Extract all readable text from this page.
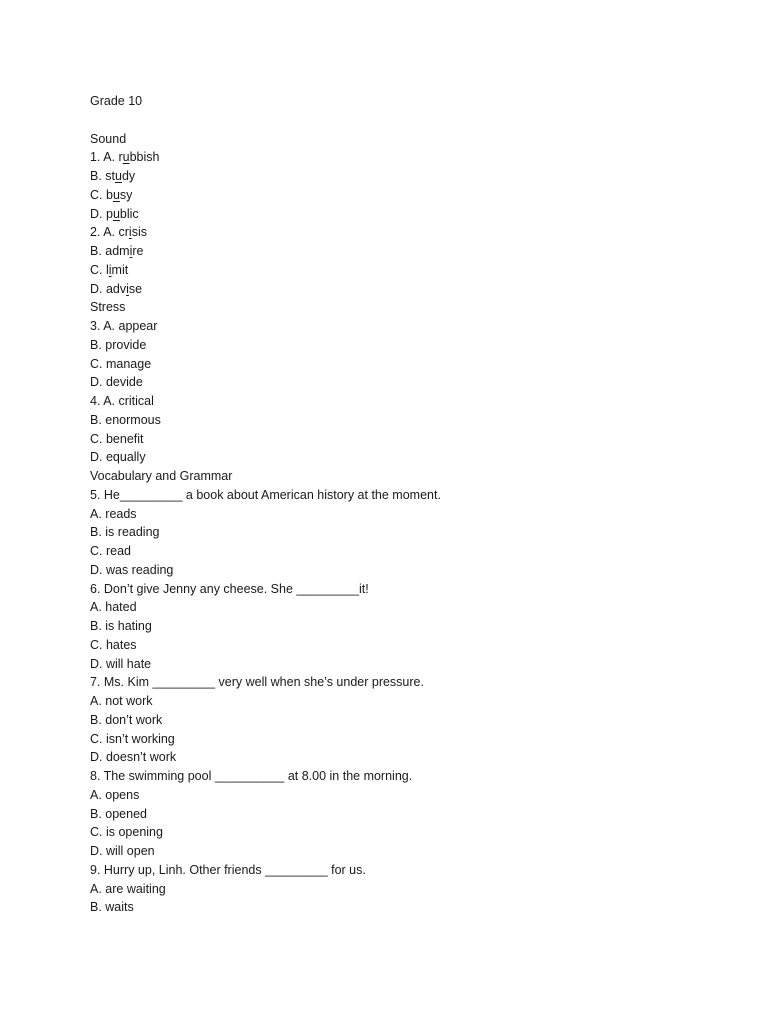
Grade 10
Sound
1. A. rubbish
B. study
C. busy
D. public
2. A. crisis
B. admire
C. limit
D. advise
Stress
3. A. appear
B. provide
C. manage
D. devide
4. A. critical
B. enormous
C. benefit
D. equally
Vocabulary and Grammar
5. He_________ a book about American history at the moment.
A. reads
B. is reading
C. read
D. was reading
6. Don’t give Jenny any cheese. She _________it!
A. hated
B. is hating
C. hates
D. will hate
7. Ms. Kim _________ very well when she’s under pressure.
A. not work
B. don’t work
C. isn’t working
D. doesn’t work
8. The swimming pool __________ at 8.00 in the morning.
A. opens
B. opened
C. is opening
D. will open
9. Hurry up, Linh. Other friends _________ for us.
A. are waiting
B. waits
